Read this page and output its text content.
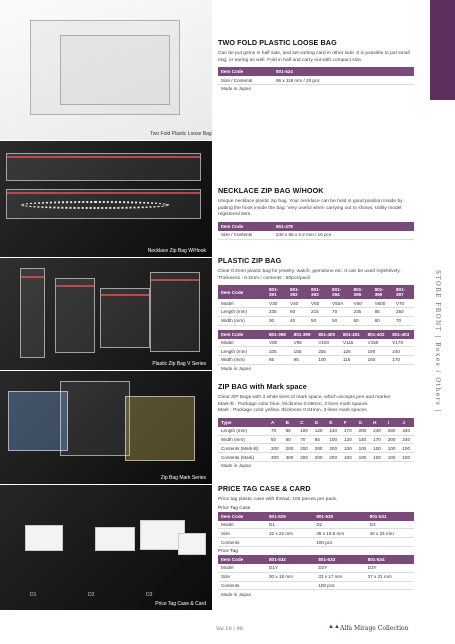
Two Fold Plastic Loose Bag
Necklace Zip Bag W/Hook
Plastic Zip Bag V Series
Zip Bag Mark Series
D1	D2	D3
Price Tag Case & Card
TWO FOLD PLASTIC LOOSE BAG

Can be put gems in half side, and set sorting card in other side. It is possible to put small ring, or earing as well. Fold in half and carry out with compact size.

Item Code	801-524
Size / Contents	95 x 118 mm / 20 pcs
Made in Japan
NECKLACE ZIP BAG W/HOOK

Unique necklace plastic zip bag. Your necklace can be hold in good position inside by putting the hook inside the bag. Very useful when carrying out to shows. Utility model registered item.

Item Code	801-478
Size / Contents	240 x 65 x 0.2 mm / 10 pcs
PLASTIC ZIP BAG

Clear 0.2mm plastic bag for jewelry, watch, gemstone etc. It can be used repetitively. Thickness : 0.2mm / contents : 50pcs/pack

Item Code	801-391	801-392	801-393	801-394	801-395	801-396	801-397
Model	V30	V40	V50	V50A	V60	V600	V70
Length (mm)	235	60	215	70	235	85	250
Width (mm)	30	40	50	50	60	60	70
Item Code	801-398	801-399	801-400	801-401	801-402	801-403
Model	V80	V95	V100	V115	V150	V170
Length (mm)	105	155	255	125	190	240
Width (mm)	85	95	100	115	150	170
Made in Japan
ZIP BAG with Mark space

Clear ZIP Bags with 3 white lines of mark space, which accepts pen and marker.

Mark-B : Package color blue, thickness 0.08mm, 3 lines mark spaces

Mark : Package color yellow, thickness 0.04mm, 3 lines mark spaces

Type	A	B	C	D	E	F	G	H	I	J
Length (mm)	70	85	100	120	140	170	200	240	280	340
Width (mm)	50	60	70	85	100	120	140	170	200	240
Contents (Mark-B)	200	200	200	200	200	100	100	100	100	100
Contents (Mark)	300	300	200	200	200	100	100	100	100	100
Made in Japan
PRICE TAG CASE & CARD

Price tag plastic case with thread, 100 pieces per pack.

Price Tag Case
Item Code	801-529	801-530	801-531
Model	D1	D2	D3
Size	32 x 22 mm	35 x 19.5 mm	40 x 24 mm
Contents		100 pcs	
Price Tag
Item Code	801-532	801-533	801-534
Model	D1Y	D2Y	D3Y
Size	30 x 18 mm	33 x 17 mm	37 x 21 mm
Contents		100 pcs	
Made in Japan
STORE FRONT | Boxes / Others |
Vol.10 / 98	▲▲ Alfa Mirage Collection
